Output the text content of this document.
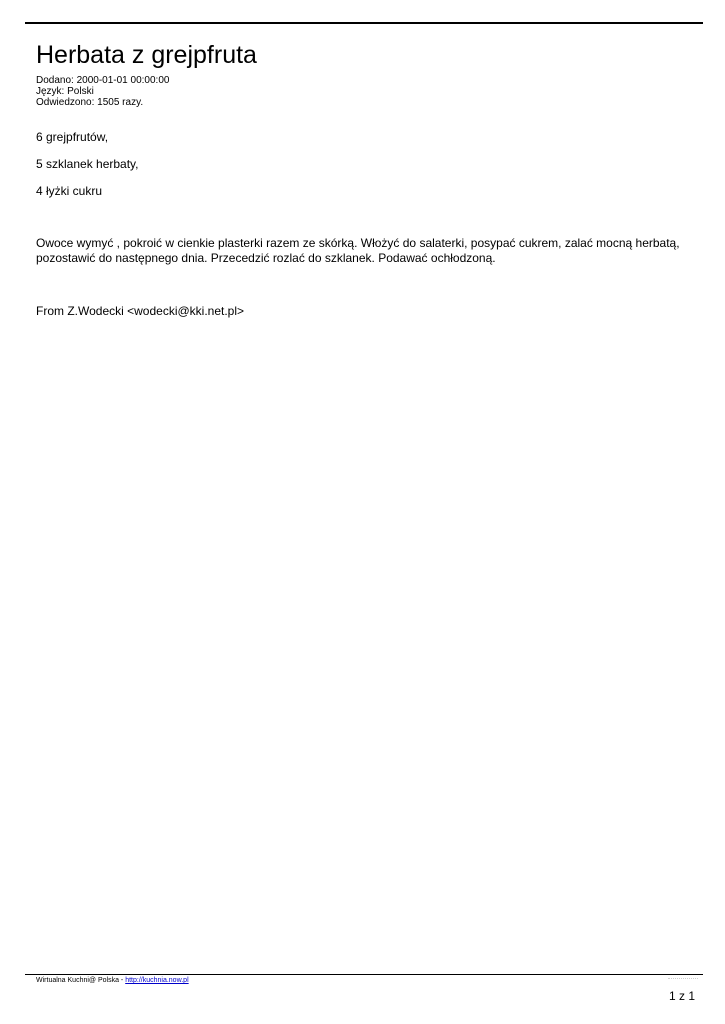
Herbata z grejpfruta
Dodano: 2000-01-01 00:00:00
Język: Polski
Odwiedzono: 1505 razy.
6 grejpfrutów,
5 szklanek herbaty,
4 łyżki cukru

Owoce wymyć , pokroić w cienkie plasterki razem ze skórką. Włożyć do salaterki, posypać cukrem, zalać mocną herbatą, pozostawić do następnego dnia. Przecedzić rozlać do szklanek. Podawać ochłodzoną.

From Z.Wodecki <wodecki@kki.net.pl>
Wirtualna Kuchni@ Polska - http://kuchnia.now.pl
1 z 1
